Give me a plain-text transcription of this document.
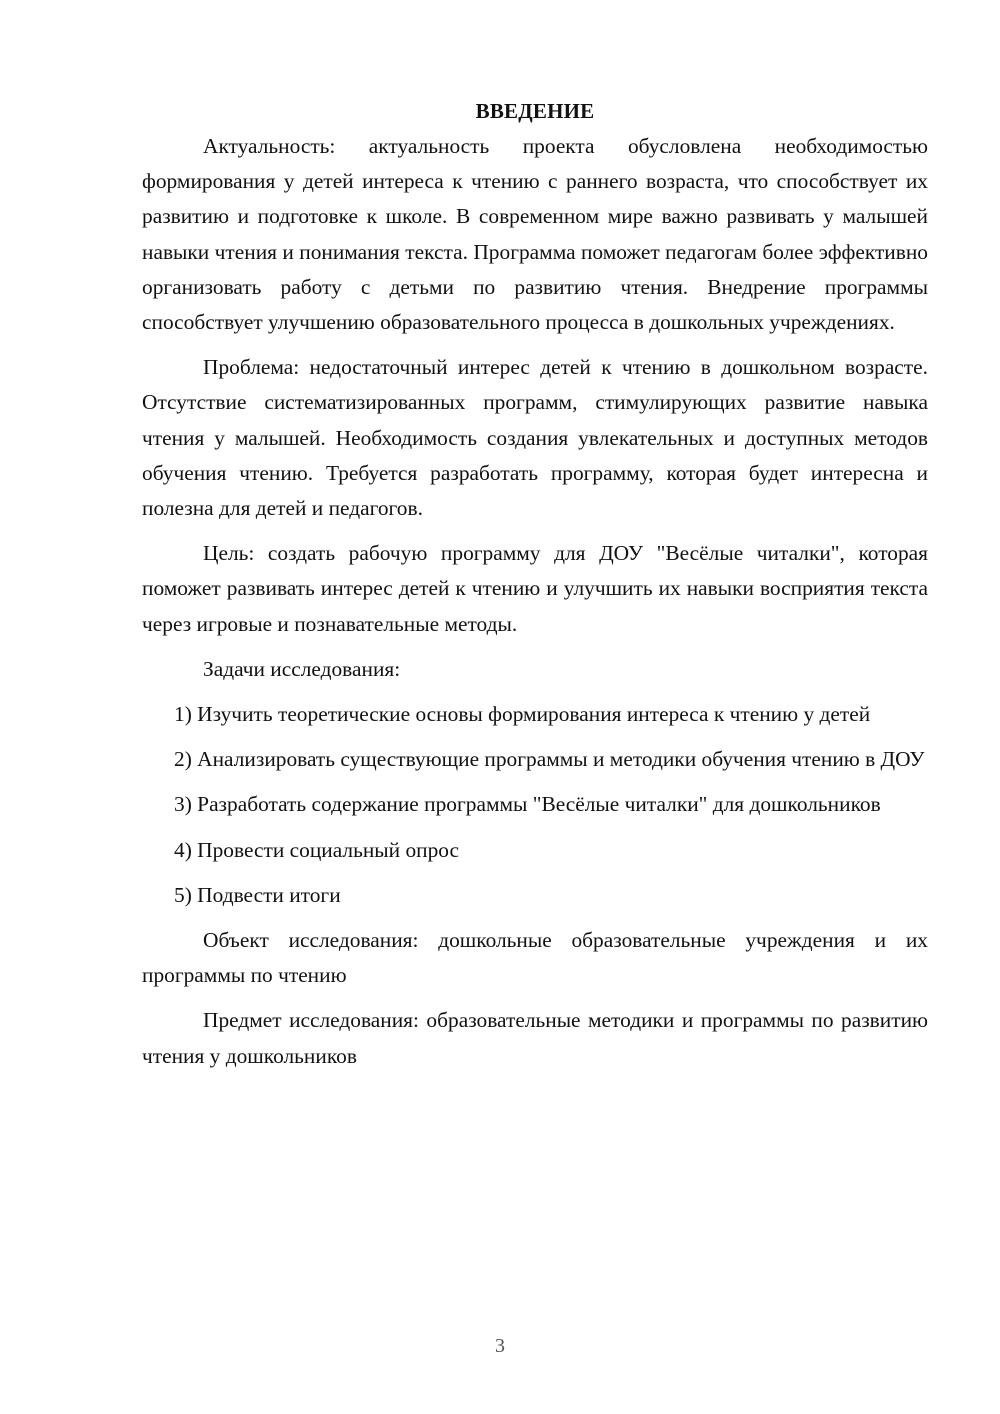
ВВЕДЕНИЕ

Актуальность: актуальность проекта обусловлена необходимостью формирования у детей интереса к чтению с раннего возраста, что способствует их развитию и подготовке к школе. В современном мире важно развивать у малышей навыки чтения и понимания текста. Программа поможет педагогам более эффективно организовать работу с детьми по развитию чтения. Внедрение программы способствует улучшению образовательного процесса в дошкольных учреждениях.

Проблема: недостаточный интерес детей к чтению в дошкольном возрасте. Отсутствие систематизированных программ, стимулирующих развитие навыка чтения у малышей. Необходимость создания увлекательных и доступных методов обучения чтению. Требуется разработать программу, которая будет интересна и полезна для детей и педагогов.

Цель: создать рабочую программу для ДОУ "Весёлые читалки", которая поможет развивать интерес детей к чтению и улучшить их навыки восприятия текста через игровые и познавательные методы.

Задачи исследования:

1) Изучить теоретические основы формирования интереса к чтению у детей

2) Анализировать существующие программы и методики обучения чтению в ДОУ

3) Разработать содержание программы "Весёлые читалки" для дошкольников

4) Провести социальный опрос

5) Подвести итоги

Объект исследования: дошкольные образовательные учреждения и их программы по чтению

Предмет исследования: образовательные методики и программы по развитию чтения у дошкольников

3
